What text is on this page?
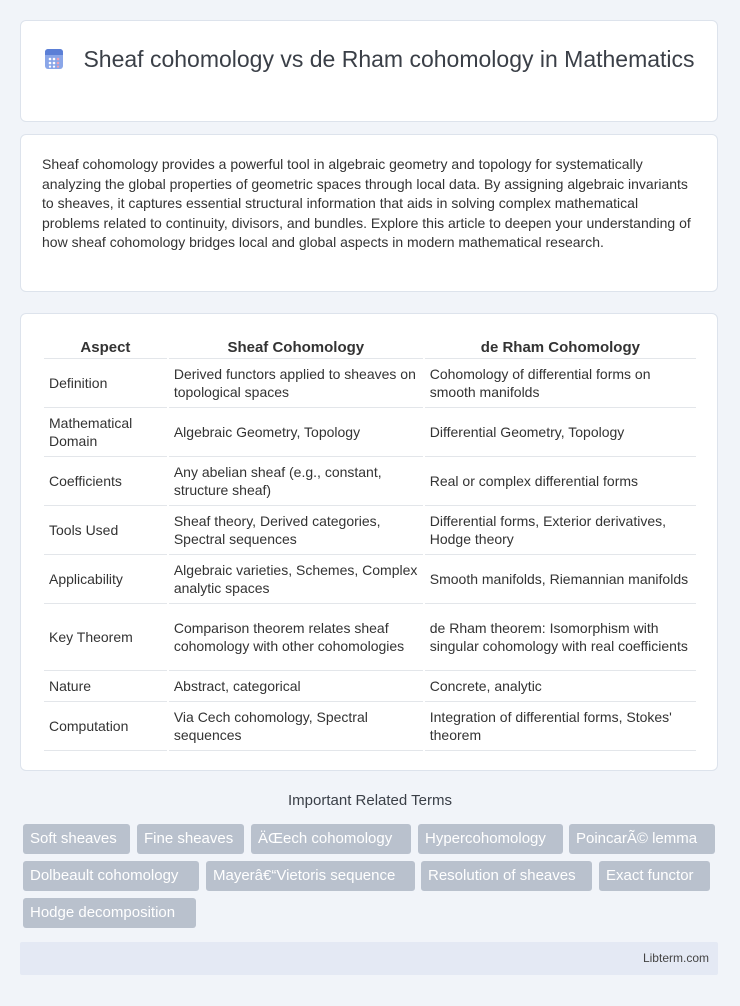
Sheaf cohomology vs de Rham cohomology in Mathematics

Sheaf cohomology provides a powerful tool in algebraic geometry and topology for systematically analyzing the global properties of geometric spaces through local data. By assigning algebraic invariants to sheaves, it captures essential structural information that aids in solving complex mathematical problems related to continuity, divisors, and bundles. Explore this article to deepen your understanding of how sheaf cohomology bridges local and global aspects in modern mathematical research.

Aspect	Sheaf Cohomology	de Rham Cohomology
Definition	Derived functors applied to sheaves on topological spaces	Cohomology of differential forms on smooth manifolds
Mathematical Domain	Algebraic Geometry, Topology	Differential Geometry, Topology
Coefficients	Any abelian sheaf (e.g., constant, structure sheaf)	Real or complex differential forms
Tools Used	Sheaf theory, Derived categories, Spectral sequences	Differential forms, Exterior derivatives, Hodge theory
Applicability	Algebraic varieties, Schemes, Complex analytic spaces	Smooth manifolds, Riemannian manifolds
Key Theorem	Comparison theorem relates sheaf cohomology with other cohomologies	de Rham theorem: Isomorphism with singular cohomology with real coefficients
Nature	Abstract, categorical	Concrete, analytic
Computation	Via Cech cohomology, Spectral sequences	Integration of differential forms, Stokes' theorem
Important Related Terms
Soft sheaves	Fine sheaves	ÄŒech cohomology	Hypercohomology	PoincarÃ© lemma
Dolbeault cohomology	Mayerâ€“Vietoris sequence	Resolution of sheaves	Exact functor
Hodge decomposition
Libterm.com
